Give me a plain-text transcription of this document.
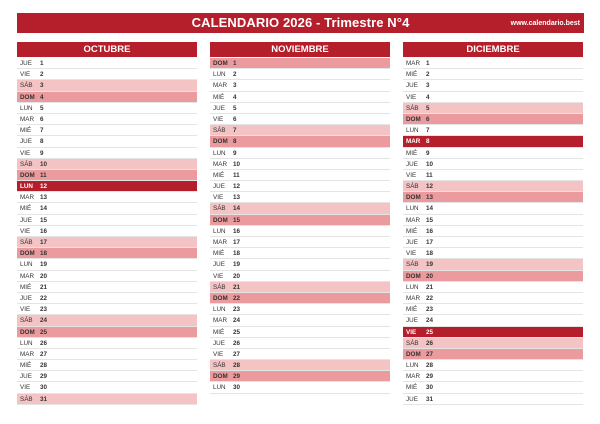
CALENDARIO 2026 - Trimestre N°4	www.calendario.best
OCTUBRE
JUE	1
VIE	2
SÁB	3
DOM 4
LUN	5
MAR 6
MIÉ	7
JUE	8
VIE	9
SÁB	10
DOM 11
LUN	12
MAR 13
MIÉ	14
JUE	15
VIE	16
SÁB	17
DOM 18
LUN	19
MAR 20
MIÉ	21
JUE	22
VIE	23
SÁB	24
DOM 25
LUN	26
MAR 27
MIÉ	28
JUE	29
VIE	30
SÁB	31
NOVIEMBRE
DOM 1
LUN	2
MAR 3
MIÉ	4
JUE	5
VIE	6
SÁB	7
DOM 8
LUN	9
MAR 10
MIÉ	11
JUE	12
VIE	13
SÁB	14
DOM 15
LUN	16
MAR 17
MIÉ	18
JUE	19
VIE	20
SÁB	21
DOM 22
LUN	23
MAR 24
MIÉ	25
JUE	26
VIE	27
SÁB	28
DOM 29
LUN	30
DICIEMBRE
MAR 1
MIÉ	2
JUE	3
VIE	4
SÁB	5
DOM 6
LUN	7
MAR 8
MIÉ	9
JUE	10
VIE	11
SÁB	12
DOM 13
LUN	14
MAR 15
MIÉ	16
JUE	17
VIE	18
SÁB	19
DOM 20
LUN	21
MAR 22
MIÉ	23
JUE	24
VIE	25
SÁB	26
DOM 27
LUN	28
MAR 29
MIÉ	30
JUE	31
